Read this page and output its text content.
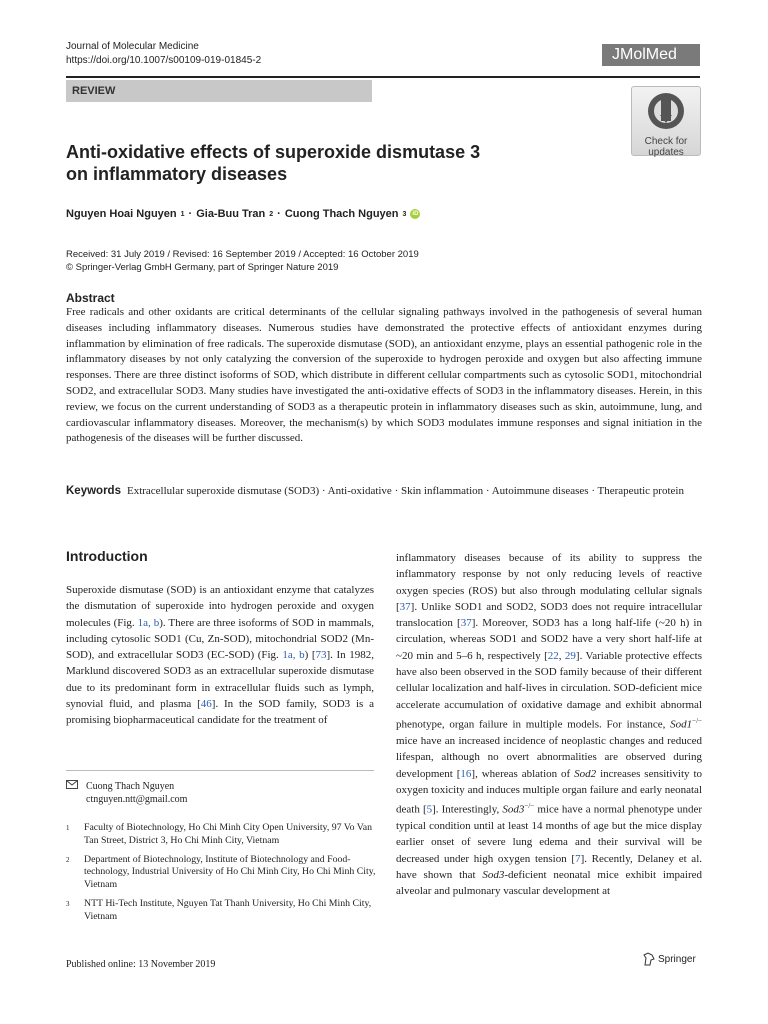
Journal of Molecular Medicine
https://doi.org/10.1007/s00109-019-01845-2	JMolMed
REVIEW
Check for
updates
Anti-oxidative effects of superoxide dismutase 3
on inflammatory diseases
Nguyen Hoai Nguyen 1 · Gia-Buu Tran 2 · Cuong Thach Nguyen 3	iD
Received: 31 July 2019 / Revised: 16 September 2019 / Accepted: 16 October 2019
© Springer-Verlag GmbH Germany, part of Springer Nature 2019
Abstract
Free radicals and other oxidants are critical determinants of the cellular signaling pathways involved in the pathogenesis of several human diseases including inflammatory diseases. Numerous studies have demonstrated the protective effects of antioxidant enzymes during inflammation by elimination of free radicals. The superoxide dismutase (SOD), an antioxidant enzyme, plays an essential pathogenic role in the inflammatory diseases by not only catalyzing the conversion of the superoxide to hydrogen peroxide and oxygen but also affecting immune responses. There are three distinct isoforms of SOD, which distribute in different cellular compartments such as cytosolic SOD1, mitochondrial SOD2, and extracellular SOD3. Many studies have investigated the anti-oxidative effects of SOD3 in the inflammatory diseases. Herein, in this review, we focus on the current understanding of SOD3 as a therapeutic protein in inflammatory diseases such as skin, autoimmune, lung, and cardiovascular inflammatory diseases. Moreover, the mechanism(s) by which SOD3 modulates immune responses and signal initiation in the pathogenesis of the diseases will be further discussed.
Keywords Extracellular superoxide dismutase (SOD3) · Anti-oxidative · Skin inflammation · Autoimmune diseases · Therapeutic protein
Introduction
Superoxide dismutase (SOD) is an antioxidant enzyme that catalyzes the dismutation of superoxide into hydrogen peroxide and oxygen molecules (Fig. 1a, b). There are three isoforms of SOD in mammals, including cytosolic SOD1 (Cu, Zn-SOD), mitochondrial SOD2 (Mn-SOD), and extracellular SOD3 (EC-SOD) (Fig. 1a, b) [73]. In 1982, Marklund discovered SOD3 as an extracellular superoxide dismutase due to its predominant form in extracellular fluids such as lymph, synovial fluid, and plasma [46]. In the SOD family, SOD3 is a promising biopharmaceutical candidate for the treatment of
inflammatory diseases because of its ability to suppress the inflammatory response by not only reducing levels of reactive oxygen species (ROS) but also through modulating cellular signals [37]. Unlike SOD1 and SOD2, SOD3 does not require intracellular translocation [37]. Moreover, SOD3 has a long half-life (~20 h) in circulation, whereas SOD1 and SOD2 have a very short half-life at ~20 min and 5–6 h, respectively [22, 29]. Variable protective effects have also been observed in the SOD family because of their different cellular localization and half-lives in circulation. SOD-deficient mice accelerate accumulation of oxidative damage and exhibit abnormal phenotype, organ failure in multiple models. For instance, Sod1−/− mice have an increased incidence of neoplastic changes and reduced lifespan, although no overt abnormalities are observed during development [16], whereas ablation of Sod2 increases sensitivity to oxygen toxicity and induces multiple organ failure and early neonatal death [5]. Interestingly, Sod3−/− mice have a normal phenotype under typical condition until at least 14 months of age but the mice display earlier onset of severe lung edema and their survival will be decreased under high oxygen tension [7]. Recently, Delaney et al. have shown that Sod3-deficient neonatal mice exhibit impaired alveolar and pulmonary vascular development at
Cuong Thach Nguyen
ctnguyen.ntt@gmail.com
1	Faculty of Biotechnology, Ho Chi Minh City Open University, 97 Vo Van Tan Street, District 3, Ho Chi Minh City, Vietnam
2	Department of Biotechnology, Institute of Biotechnology and Food-technology, Industrial University of Ho Chi Minh City, Ho Chi Minh City, Vietnam
3	NTT Hi-Tech Institute, Nguyen Tat Thanh University, Ho Chi Minh City, Vietnam
Published online: 13 November 2019	Springer
